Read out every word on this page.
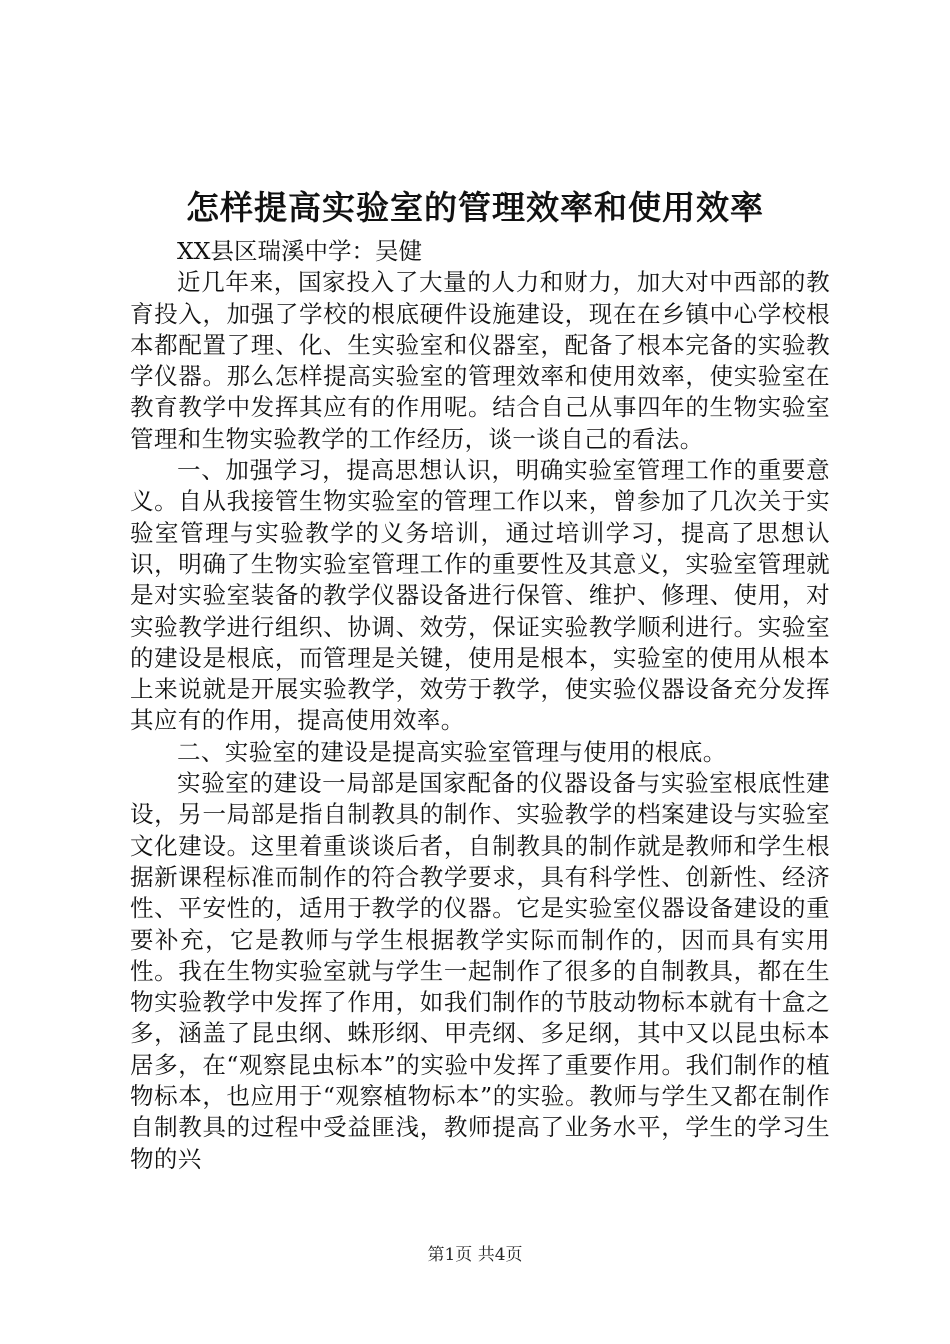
怎样提高实验室的管理效率和使用效率

XX县区瑞溪中学：吴健

近几年来，国家投入了大量的人力和财力，加大对中西部的教育投入，加强了学校的根底硬件设施建设，现在在乡镇中心学校根本都配置了理、化、生实验室和仪器室，配备了根本完备的实验教学仪器。那么怎样提高实验室的管理效率和使用效率，使实验室在教育教学中发挥其应有的作用呢。结合自己从事四年的生物实验室管理和生物实验教学的工作经历，谈一谈自己的看法。

一、加强学习，提高思想认识，明确实验室管理工作的重要意义。自从我接管生物实验室的管理工作以来，曾参加了几次关于实验室管理与实验教学的义务培训，通过培训学习，提高了思想认识，明确了生物实验室管理工作的重要性及其意义，实验室管理就是对实验室装备的教学仪器设备进行保管、维护、修理、使用，对实验教学进行组织、协调、效劳，保证实验教学顺利进行。实验室的建设是根底，而管理是关键，使用是根本，实验室的使用从根本上来说就是开展实验教学，效劳于教学，使实验仪器设备充分发挥其应有的作用，提高使用效率。

二、实验室的建设是提高实验室管理与使用的根底。

实验室的建设一局部是国家配备的仪器设备与实验室根底性建设，另一局部是指自制教具的制作、实验教学的档案建设与实验室文化建设。这里着重谈谈后者，自制教具的制作就是教师和学生根据新课程标准而制作的符合教学要求，具有科学性、创新性、经济性、平安性的，适用于教学的仪器。它是实验室仪器设备建设的重要补充，它是教师与学生根据教学实际而制作的，因而具有实用性。我在生物实验室就与学生一起制作了很多的自制教具，都在生物实验教学中发挥了作用，如我们制作的节肢动物标本就有十盒之多，涵盖了昆虫纲、蛛形纲、甲壳纲、多足纲，其中又以昆虫标本居多，在“观察昆虫标本”的实验中发挥了重要作用。我们制作的植物标本，也应用于“观察植物标本”的实验。教师与学生又都在制作自制教具的过程中受益匪浅，教师提高了业务水平，学生的学习生物的兴

第1页 共4页
